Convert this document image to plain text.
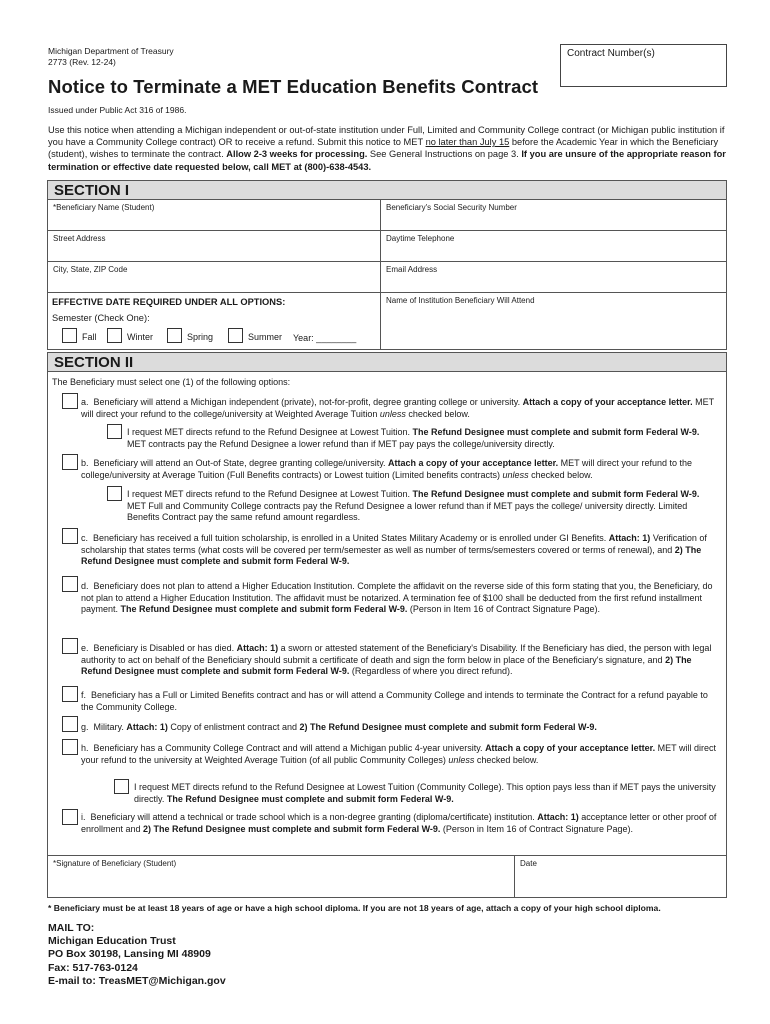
Michigan Department of Treasury
2773 (Rev. 12-24)
Contract Number(s)
Notice to Terminate a MET Education Benefits Contract
Issued under Public Act 316 of 1986.
Use this notice when attending a Michigan independent or out-of-state institution under Full, Limited and Community College contract (or Michigan public institution if you have a Community College contract) OR to receive a refund. Submit this notice to MET no later than July 15 before the Academic Year in which the Beneficiary (student), wishes to terminate the contract. Allow 2-3 weeks for processing. See General Instructions on page 3. If you are unsure of the appropriate reason for termination or effective date requested below, call MET at (800)-638-4543.
SECTION I
*Beneficiary Name (Student)	Beneficiary's Social Security Number
Street Address	Daytime Telephone
City, State, ZIP Code	Email Address
Name of Institution Beneficiary Will Attend
EFFECTIVE DATE REQUIRED UNDER ALL OPTIONS:
Semester (Check One):
Fall	Winter	Spring	Summer Year: ________
SECTION II
The Beneficiary must select one (1) of the following options:
a. Beneficiary will attend a Michigan independent (private), not-for-profit, degree granting college or university. Attach a copy of your acceptance letter. MET will direct your refund to the college/university at Weighted Average Tuition unless checked below.
I request MET directs refund to the Refund Designee at Lowest Tuition. The Refund Designee must complete and submit form Federal W-9. MET contracts pay the Refund Designee a lower refund than if MET pay pays the college/university directly.
b. Beneficiary will attend an Out-of State, degree granting college/university. Attach a copy of your acceptance letter. MET will direct your refund to the college/university at Average Tuition (Full Benefits contracts) or Lowest tuition (Limited benefits contracts) unless checked below.
I request MET directs refund to the Refund Designee at Lowest Tuition. The Refund Designee must complete and submit form Federal W-9. MET Full and Community College contracts pay the Refund Designee a lower refund than if MET pays the college/ university directly. Limited Benefits Contract pay the same refund amount regardless.
c. Beneficiary has received a full tuition scholarship, is enrolled in a United States Military Academy or is enrolled under GI Benefits. Attach: 1) Verification of scholarship that states terms (what costs will be covered per term/semester as well as number of terms/semesters covered or terms of renewal), and 2) The Refund Designee must complete and submit form Federal W-9.
d. Beneficiary does not plan to attend a Higher Education Institution. Complete the affidavit on the reverse side of this form stating that you, the Beneficiary, do not plan to attend a Higher Education Institution. The affidavit must be notarized. A termination fee of $100 shall be deducted from the first refund installment payment. The Refund Designee must complete and submit form Federal W-9. (Person in Item 16 of Contract Signature Page).
e. Beneficiary is Disabled or has died. Attach: 1) a sworn or attested statement of the Beneficiary's Disability. If the Beneficiary has died, the person with legal authority to act on behalf of the Beneficiary should submit a certificate of death and sign the form below in place of the Beneficiary's signature, and 2) The Refund Designee must complete and submit form Federal W-9. (Regardless of where you direct refund).
f. Beneficiary has a Full or Limited Benefits contract and has or will attend a Community College and intends to terminate the Contract for a refund payable to the Community College.
g. Military. Attach: 1) Copy of enlistment contract and 2) The Refund Designee must complete and submit form Federal W-9.
h. Beneficiary has a Community College Contract and will attend a Michigan public 4-year university. Attach a copy of your acceptance letter. MET will direct your refund to the university at Weighted Average Tuition (of all public Community Colleges) unless checked below.
I request MET directs refund to the Refund Designee at Lowest Tuition (Community College). This option pays less than if MET pays the university directly. The Refund Designee must complete and submit form Federal W-9.
i. Beneficiary will attend a technical or trade school which is a non-degree granting (diploma/certificate) institution. Attach: 1) acceptance letter or other proof of enrollment and 2) The Refund Designee must complete and submit form Federal W-9. (Person in Item 16 of Contract Signature Page).
*Signature of Beneficiary (Student)	Date
* Beneficiary must be at least 18 years of age or have a high school diploma. If you are not 18 years of age, attach a copy of your high school diploma.
MAIL TO:
Michigan Education Trust
PO Box 30198, Lansing MI 48909
Fax: 517-763-0124
E-mail to: TreasMET@Michigan.gov
